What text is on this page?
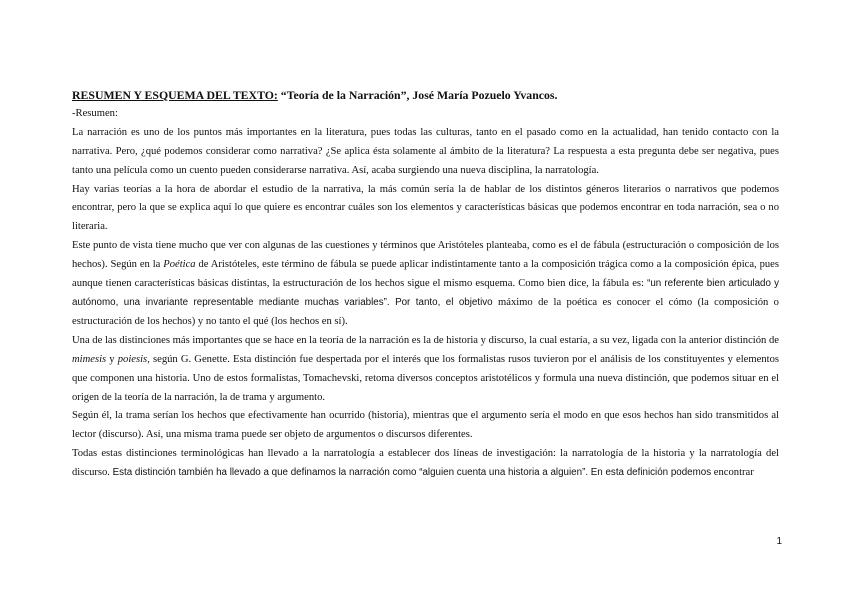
RESUMEN Y ESQUEMA DEL TEXTO: “Teoría de la Narración”, José María Pozuelo Yvancos.

-Resumen:

La narración es uno de los puntos más importantes en la literatura, pues todas las culturas, tanto en el pasado como en la actualidad, han tenido contacto con la narrativa. Pero, ¿qué podemos considerar como narrativa? ¿Se aplica ésta solamente al ámbito de la literatura? La respuesta a esta pregunta debe ser negativa, pues tanto una película como un cuento pueden considerarse narrativa. Así, acaba surgiendo una nueva disciplina, la narratología.

Hay varias teorías a la hora de abordar el estudio de la narrativa, la más común sería la de hablar de los distintos géneros literarios o narrativos que podemos encontrar, pero la que se explica aquí lo que quiere es encontrar cuáles son los elementos y características básicas que podemos encontrar en toda narración, sea o no literaria.

Este punto de vista tiene mucho que ver con algunas de las cuestiones y términos que Aristóteles planteaba, como es el de fábula (estructuración o composición de los hechos). Según en la Poética de Aristóteles, este término de fábula se puede aplicar indistintamente tanto a la composición trágica como a la composición épica, pues aunque tienen características básicas distintas, la estructuración de los hechos sigue el mismo esquema. Como bien dice, la fábula es: “un referente bien articulado y autónomo, una invariante representable mediante muchas variables”. Por tanto, el objetivo máximo de la poética es conocer el cómo (la composición o estructuración de los hechos) y no tanto el qué (los hechos en sí).

Una de las distinciones más importantes que se hace en la teoría de la narración es la de historia y discurso, la cual estaría, a su vez, ligada con la anterior distinción de mimesis y poiesis, según G. Genette. Esta distinción fue despertada por el interés que los formalistas rusos tuvieron por el análisis de los constituyentes y elementos que componen una historia. Uno de estos formalistas, Tomachevski, retoma diversos conceptos aristotélicos y formula una nueva distinción, que podemos situar en el origen de la teoría de la narración, la de trama y argumento.

Según él, la trama serían los hechos que efectivamente han ocurrido (historia), mientras que el argumento sería el modo en que esos hechos han sido transmitidos al lector (discurso). Así, una misma trama puede ser objeto de argumentos o discursos diferentes.

Todas estas distinciones terminológicas han llevado a la narratología a establecer dos líneas de investigación: la narratología de la historia y la narratología del discurso. Esta distinción también ha llevado a que definamos la narración como “alguien cuenta una historia a alguien”. En esta definición podemos encontrar

1
